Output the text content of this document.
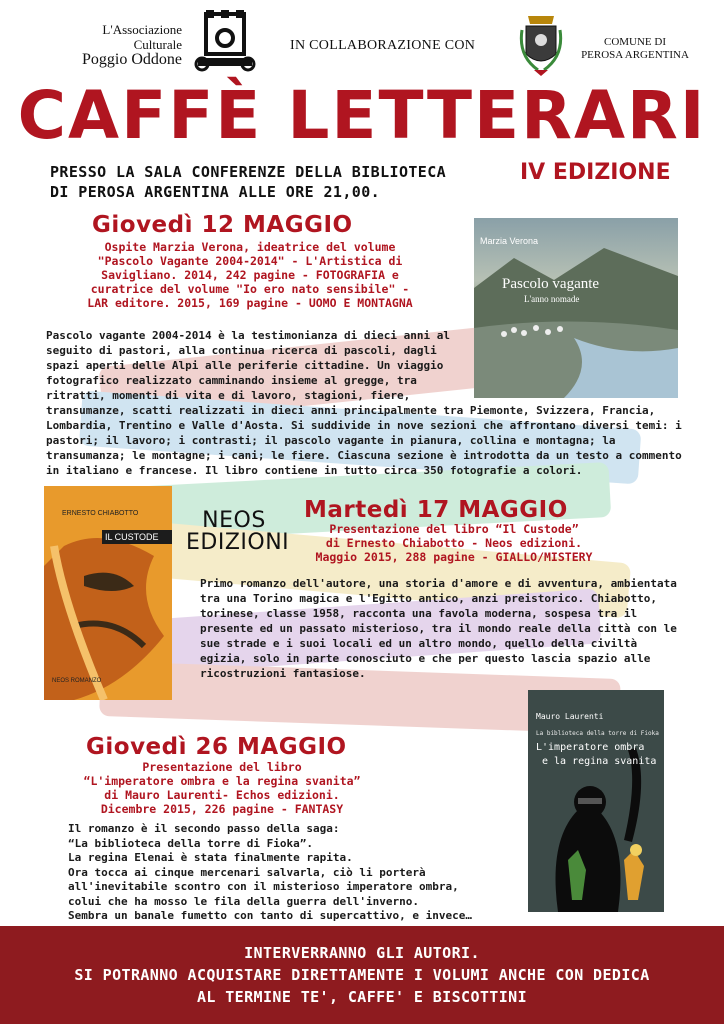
L'Associazione Culturale
Poggio Oddone
IN COLLABORAZIONE CON	COMUNE DI
PEROSA ARGENTINA
CAFFÈ LETTERARI
IV EDIZIONE
PRESSO LA SALA CONFERENZE DELLA BIBLIOTECA
DI PEROSA ARGENTINA ALLE ORE 21,00.
Giovedì 12 MAGGIO
Ospite Marzia Verona, ideatrice del volume
"Pascolo Vagante 2004-2014" - L'Artistica di
Savigliano. 2014, 242 pagine - FOTOGRAFIA e
curatrice del volume "Io ero nato sensibile" -
LAR editore. 2015, 169 pagine - UOMO E MONTAGNA
Pascolo vagante 2004-2014 è la testimonianza di dieci anni al seguito di pastori, alla continua ricerca di pascoli, dagli spazi aperti delle Alpi alle periferie cittadine. Un viaggio fotografico realizzato camminando insieme al gregge, tra ritratti, momenti di vita e di lavoro, stagioni, fiere, transumanze, scatti realizzati in dieci anni principalmente tra Piemonte, Svizzera, Francia, Lombardia, Trentino e Valle d'Aosta. Si suddivide in nove sezioni che affrontano diversi temi: i pastori; il lavoro; i contrasti; il pascolo vagante in pianura, collina e montagna; la transumanza; le montagne; i cani; le fiere. Ciascuna sezione è introdotta da un testo a commento in italiano e francese. Il libro contiene in tutto circa 350 fotografie a colori.
Marzia Verona
Pascolo vagante
L'anno nomade
ERNESTO CHIABOTTO
IL CUSTODE
NEOS ROMANZO
NEOS
EDIZIONI
Martedì 17 MAGGIO
Presentazione del libro “Il Custode”
di Ernesto Chiabotto - Neos edizioni.
Maggio 2015, 288 pagine - GIALLO/MISTERY
Primo romanzo dell'autore, una storia d'amore e di avventura, ambientata tra una Torino magica e l'Egitto antico, anzi preistorico. Chiabotto, torinese, classe 1958, racconta una favola moderna, sospesa tra il presente ed un passato misterioso, tra il mondo reale della città con le sue strade e i suoi locali ed un altro mondo, quello della civiltà egizia, solo in parte conosciuto e che per questo lascia spazio alle ricostruzioni fantasiose.
Giovedì 26 MAGGIO
Presentazione del libro
“L'imperatore ombra e la regina svanita”
di Mauro Laurenti- Echos edizioni.
Dicembre 2015, 226 pagine - FANTASY
Il romanzo è il secondo passo della saga:
“La biblioteca della torre di Fioka”.
La regina Elenai è stata finalmente rapita.
Ora tocca ai cinque mercenari salvarla, ciò li porterà
all'inevitabile scontro con il misterioso imperatore ombra,
colui che ha mosso le fila della guerra dell'inverno.
Sembra un banale fumetto con tanto di supercattivo, e invece…
Mauro Laurenti
La biblioteca della torre di Fioka
L'imperatore ombra
e la regina svanita
INTERVERRANNO GLI AUTORI.
SI POTRANNO ACQUISTARE DIRETTAMENTE I VOLUMI ANCHE CON DEDICA
AL TERMINE TE', CAFFE' E BISCOTTINI
